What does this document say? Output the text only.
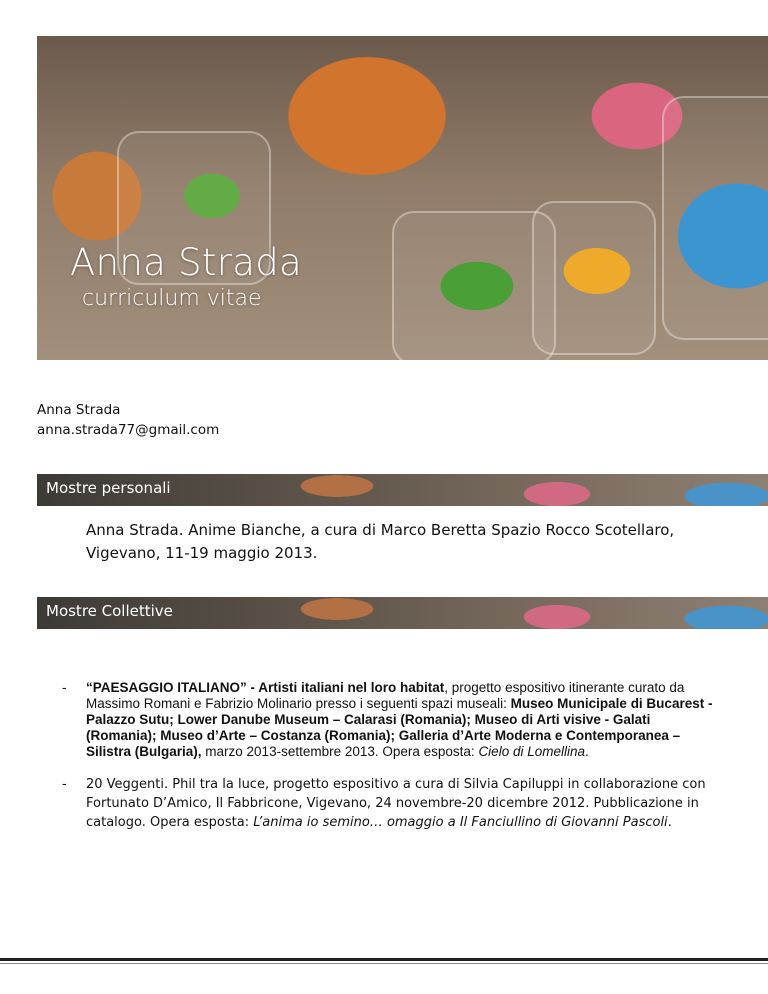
Anna Strada

curriculum vitae

Anna Strada
anna.strada77@gmail.com
Mostre personali

Anna Strada. Anime Bianche, a cura di Marco Beretta Spazio Rocco Scotellaro, Vigevano, 11-19 maggio 2013.

Mostre Collettive
- “PAESAGGIO ITALIANO” - Artisti italiani nel loro habitat, progetto espositivo itinerante curato da Massimo Romani e Fabrizio Molinario presso i seguenti spazi museali: Museo Municipale di Bucarest - Palazzo Sutu; Lower Danube Museum – Calarasi (Romania); Museo di Arti visive - Galati (Romania); Museo d’Arte – Costanza (Romania); Galleria d’Arte Moderna e Contemporanea – Silistra (Bulgaria), marzo 2013-settembre 2013. Opera esposta: Cielo di Lomellina.
- 20 Veggenti. Phil tra la luce, progetto espositivo a cura di Silvia Capiluppi in collaborazione con Fortunato D’Amico, Il Fabbricone, Vigevano, 24 novembre-20 dicembre 2012. Pubblicazione in catalogo. Opera esposta: L’anima io semino… omaggio a Il Fanciullino di Giovanni Pascoli.
